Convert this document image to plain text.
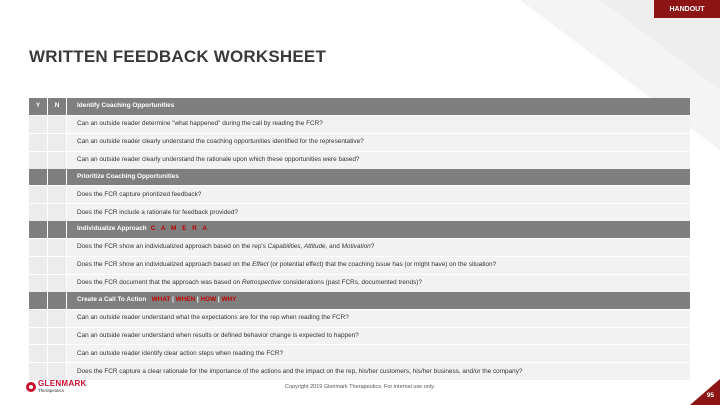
HANDOUT
WRITTEN FEEDBACK WORKSHEET
Y	N	Identify Coaching Opportunities
		Can an outside reader determine "what happened" during the call by reading the FCR?
		Can an outside reader clearly understand the coaching opportunities identified for the representative?
		Can an outside reader clearly understand the rationale upon which these opportunities were based?
		Prioritize Coaching Opportunities
		Does the FCR capture prioritized feedback?
		Does the FCR include a rationale for feedback provided?
		Individualize Approach C A M E R A
		Does the FCR show an individualized approach based on the rep's Capabilities, Attitude, and Motivation?
		Does the FCR show an individualized approach based on the Effect (or potential effect) that the coaching issue has (or might have) on the situation?
		Does the FCR document that the approach was based on Retrospective considerations (past FCRs, documented trends)?
		Create a Call To Action WHAT | WHEN | HOW | WHY
		Can an outside reader understand what the expectations are for the rep when reading the FCR?
		Can an outside reader understand when results or defined behavior change is expected to happen?
		Can an outside reader identify clear action steps when reading the FCR?
		Does the FCR capture a clear rationale for the importance of the actions and the impact on the rep, his/her customers, his/her business, and/or the company?
GLENMARK
Therapeutics
Copyright 2019 Glenmark Therapeutics. For internal use only.
95
